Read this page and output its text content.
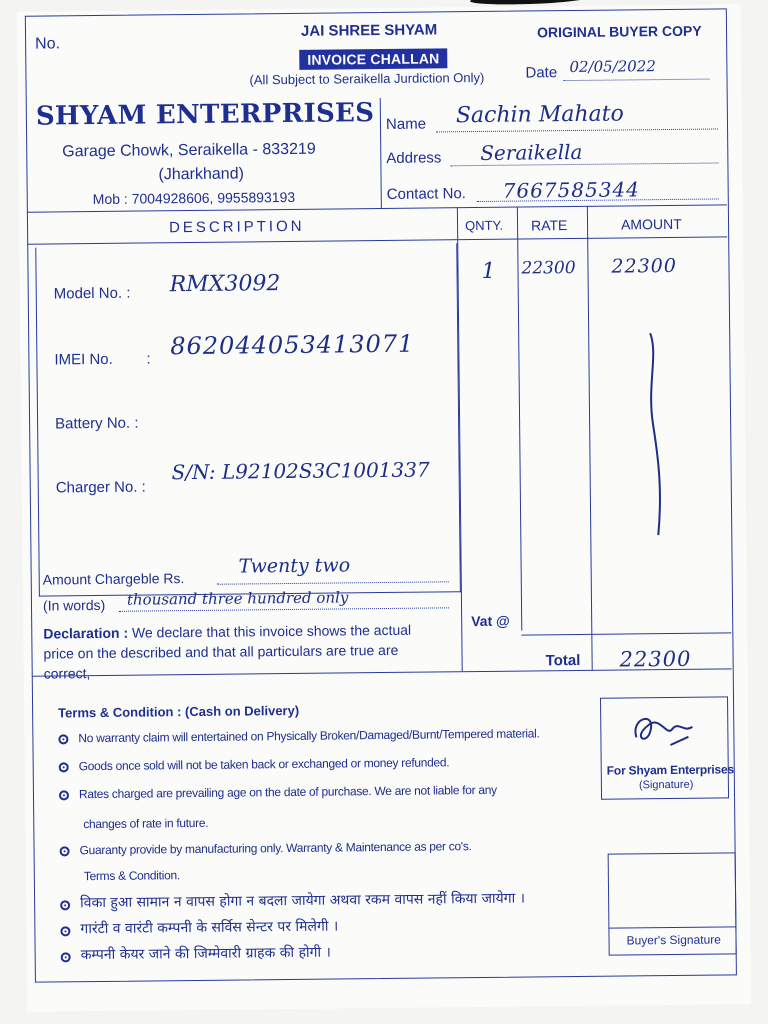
No.
JAI SHREE SHYAM
INVOICE CHALLAN
(All Subject to Seraikella Jurdiction Only)
ORIGINAL BUYER COPY
Date 02/05/2022
SHYAM ENTERPRISES
Garage Chowk, Seraikella - 833219
(Jharkhand)
Mob : 7004928606, 9955893193
Name Sachin Mahato
Address Seraikella
Contact No. 7667585344
DESCRIPTION	QNTY. RATE	AMOUNT
Model No. : RMX3092
IMEI No. : 862044053413071
Battery No. :
Charger No. :
S/N: L92102S3C1001337
1 22300 22300
Amount Chargeble Rs.
Twenty two
(In words) thousand three hundred only
Declaration : We declare that this invoice shows the actual
price on the described and that all particulars are true are
correct,
Vat @
Total 22300
Terms & Condition : (Cash on Delivery)
No warranty claim will entertained on Physically Broken/Damaged/Burnt/Tempered material.
Goods once sold will not be taken back or exchanged or money refunded.
Rates charged are prevailing age on the date of purchase. We are not liable for any
changes of rate in future.
Guaranty provide by manufacturing only. Warranty & Maintenance as per co's.
Terms & Condition.
विका हुआ सामान न वापस होगा न बदला जायेगा अथवा रकम वापस नहीं किया जायेगा ।
गारंटी व वारंटी कम्पनी के सर्विस सेन्टर पर मिलेगी ।
कम्पनी केयर जाने की जिम्मेवारी ग्राहक की होगी ।
For Shyam Enterprises
(Signature)
Buyer's Signature
